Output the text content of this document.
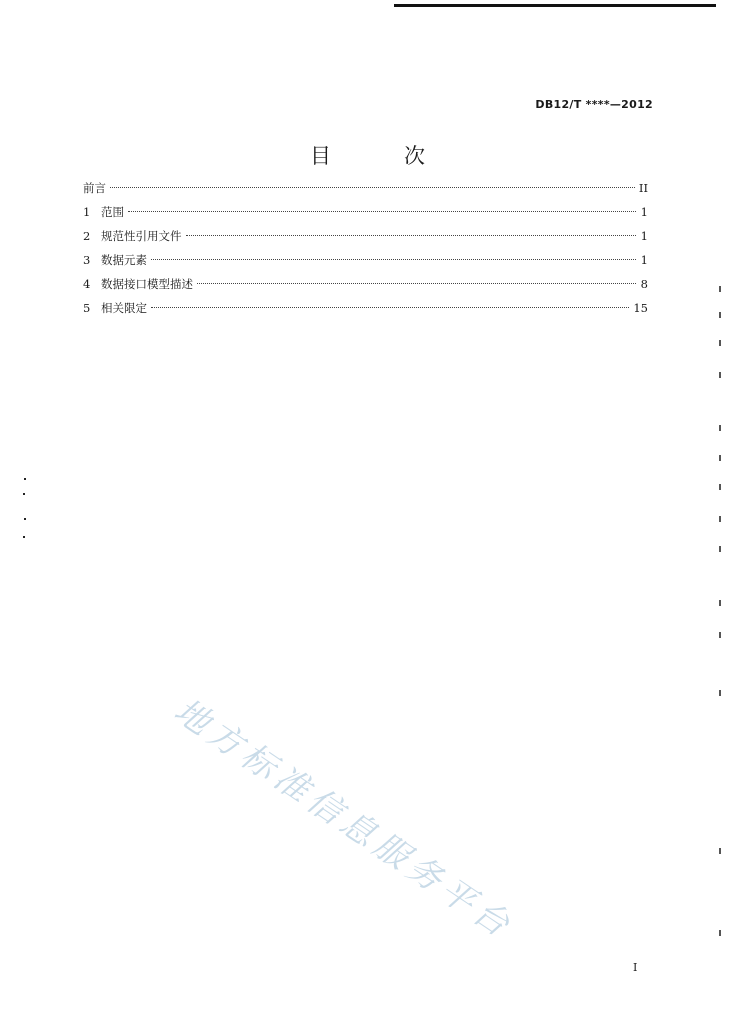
DB12/T ****—2012
目	次
前言	II
1 范围	1
2 规范性引用文件	1
3 数据元素	1
4 数据接口模型描述	8
5 相关限定	15
地方标准信息服务平台
I
